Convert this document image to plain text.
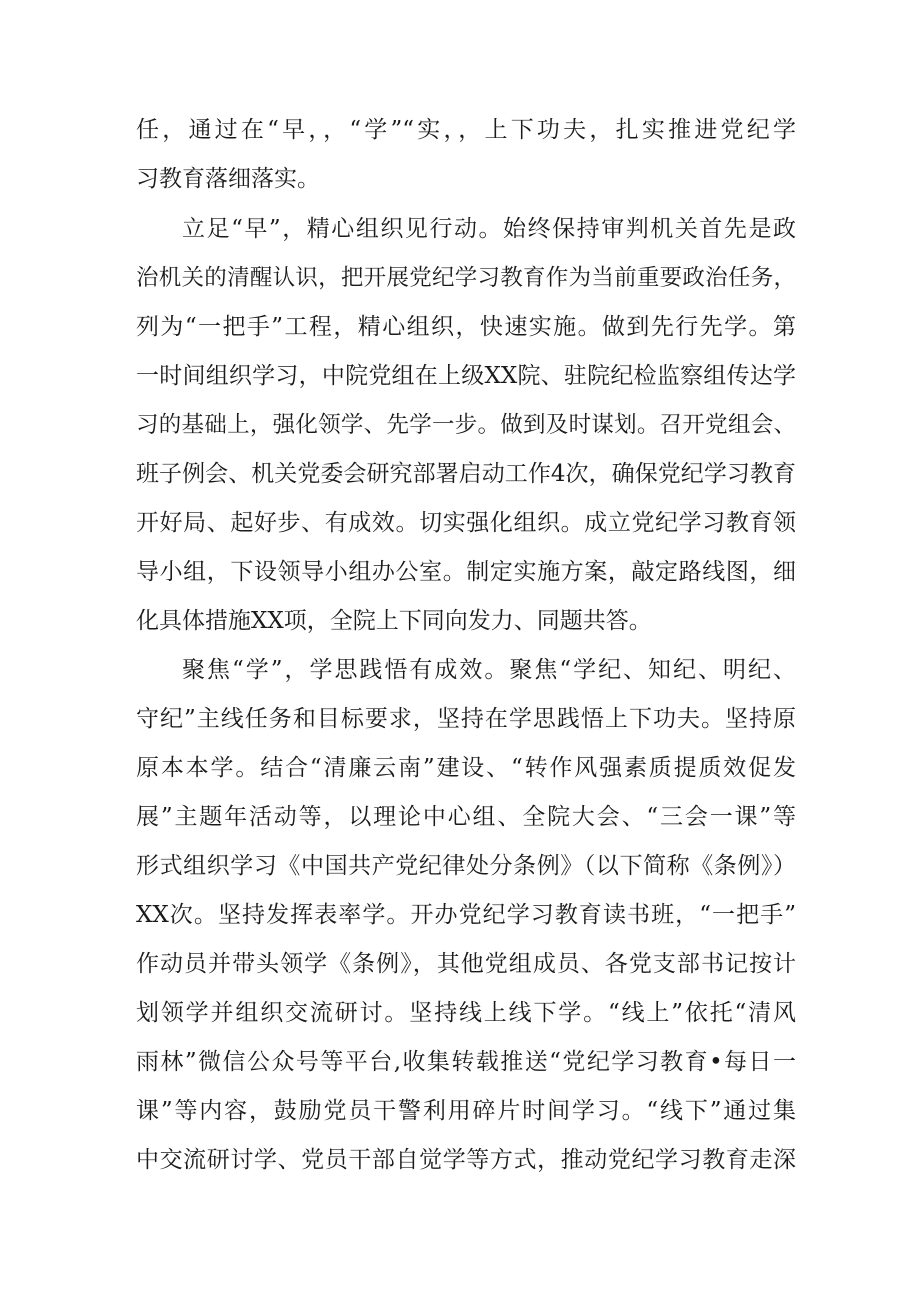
任，通过在“早，，“学”“实，，上下功夫，扎实推进党纪学
习教育落细落实。
立足“早”，精心组织见行动。始终保持审判机关首先是政
治机关的清醒认识，把开展党纪学习教育作为当前重要政治任务，
列为“一把手”工程，精心组织，快速实施。做到先行先学。第
一时间组织学习，中院党组在上级XX院、驻院纪检监察组传达学
习的基础上，强化领学、先学一步。做到及时谋划。召开党组会、
班子例会、机关党委会研究部署启动工作4次，确保党纪学习教育
开好局、起好步、有成效。切实强化组织。成立党纪学习教育领
导小组，下设领导小组办公室。制定实施方案，敲定路线图，细
化具体措施XX项，全院上下同向发力、同题共答。
聚焦“学”，学思践悟有成效。聚焦“学纪、知纪、明纪、
守纪”主线任务和目标要求，坚持在学思践悟上下功夫。坚持原
原本本学。结合“清廉云南”建设、“转作风强素质提质效促发
展”主题年活动等，以理论中心组、全院大会、“三会一课”等
形式组织学习《中国共产党纪律处分条例》（以下简称《条例》）
XX次。坚持发挥表率学。开办党纪学习教育读书班，“一把手”
作动员并带头领学《条例》，其他党组成员、各党支部书记按计
划领学并组织交流研讨。坚持线上线下学。“线上”依托“清风
雨林”微信公众号等平台,收集转载推送“党纪学习教育•每日一
课”等内容，鼓励党员干警利用碎片时间学习。“线下”通过集
中交流研讨学、党员干部自觉学等方式，推动党纪学习教育走深
